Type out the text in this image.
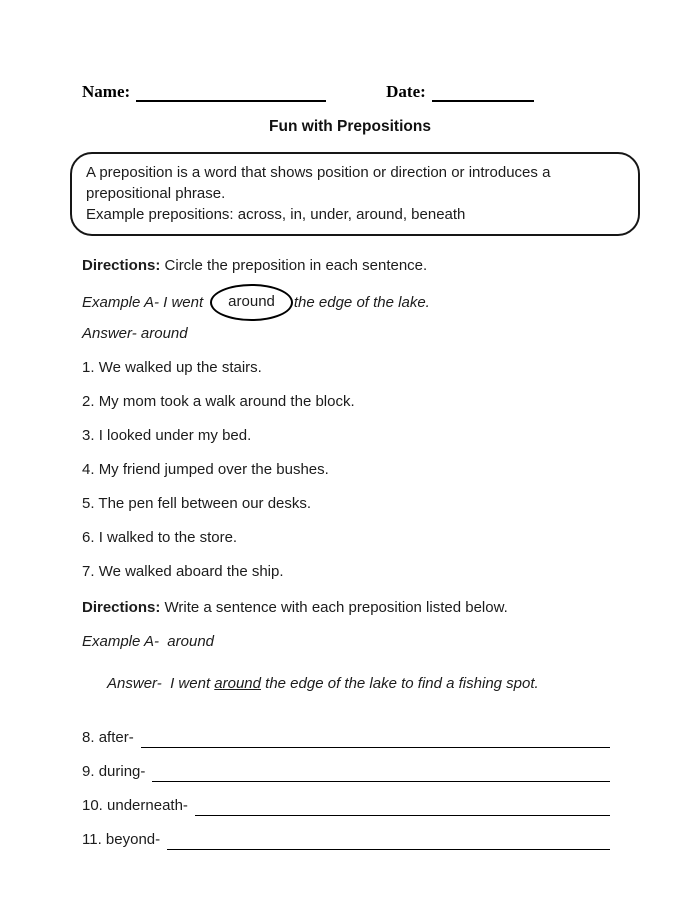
Name:	Date:
Fun with Prepositions
A preposition is a word that shows position or direction or introduces a prepositional phrase.
Example prepositions: across, in, under, around, beneath
Directions: Circle the preposition in each sentence.
Example A- I went	around	the edge of the lake.
Answer- around
1. We walked up the stairs.
2. My mom took a walk around the block.
3. I looked under my bed.
4. My friend jumped over the bushes.
5. The pen fell between our desks.
6. I walked to the store.
7. We walked aboard the ship.
Directions: Write a sentence with each preposition listed below.
Example A-  around

Answer-  I went around the edge of the lake to find a fishing spot.

8.
after-
9.
during-
10.
underneath-
11.
beyond-
